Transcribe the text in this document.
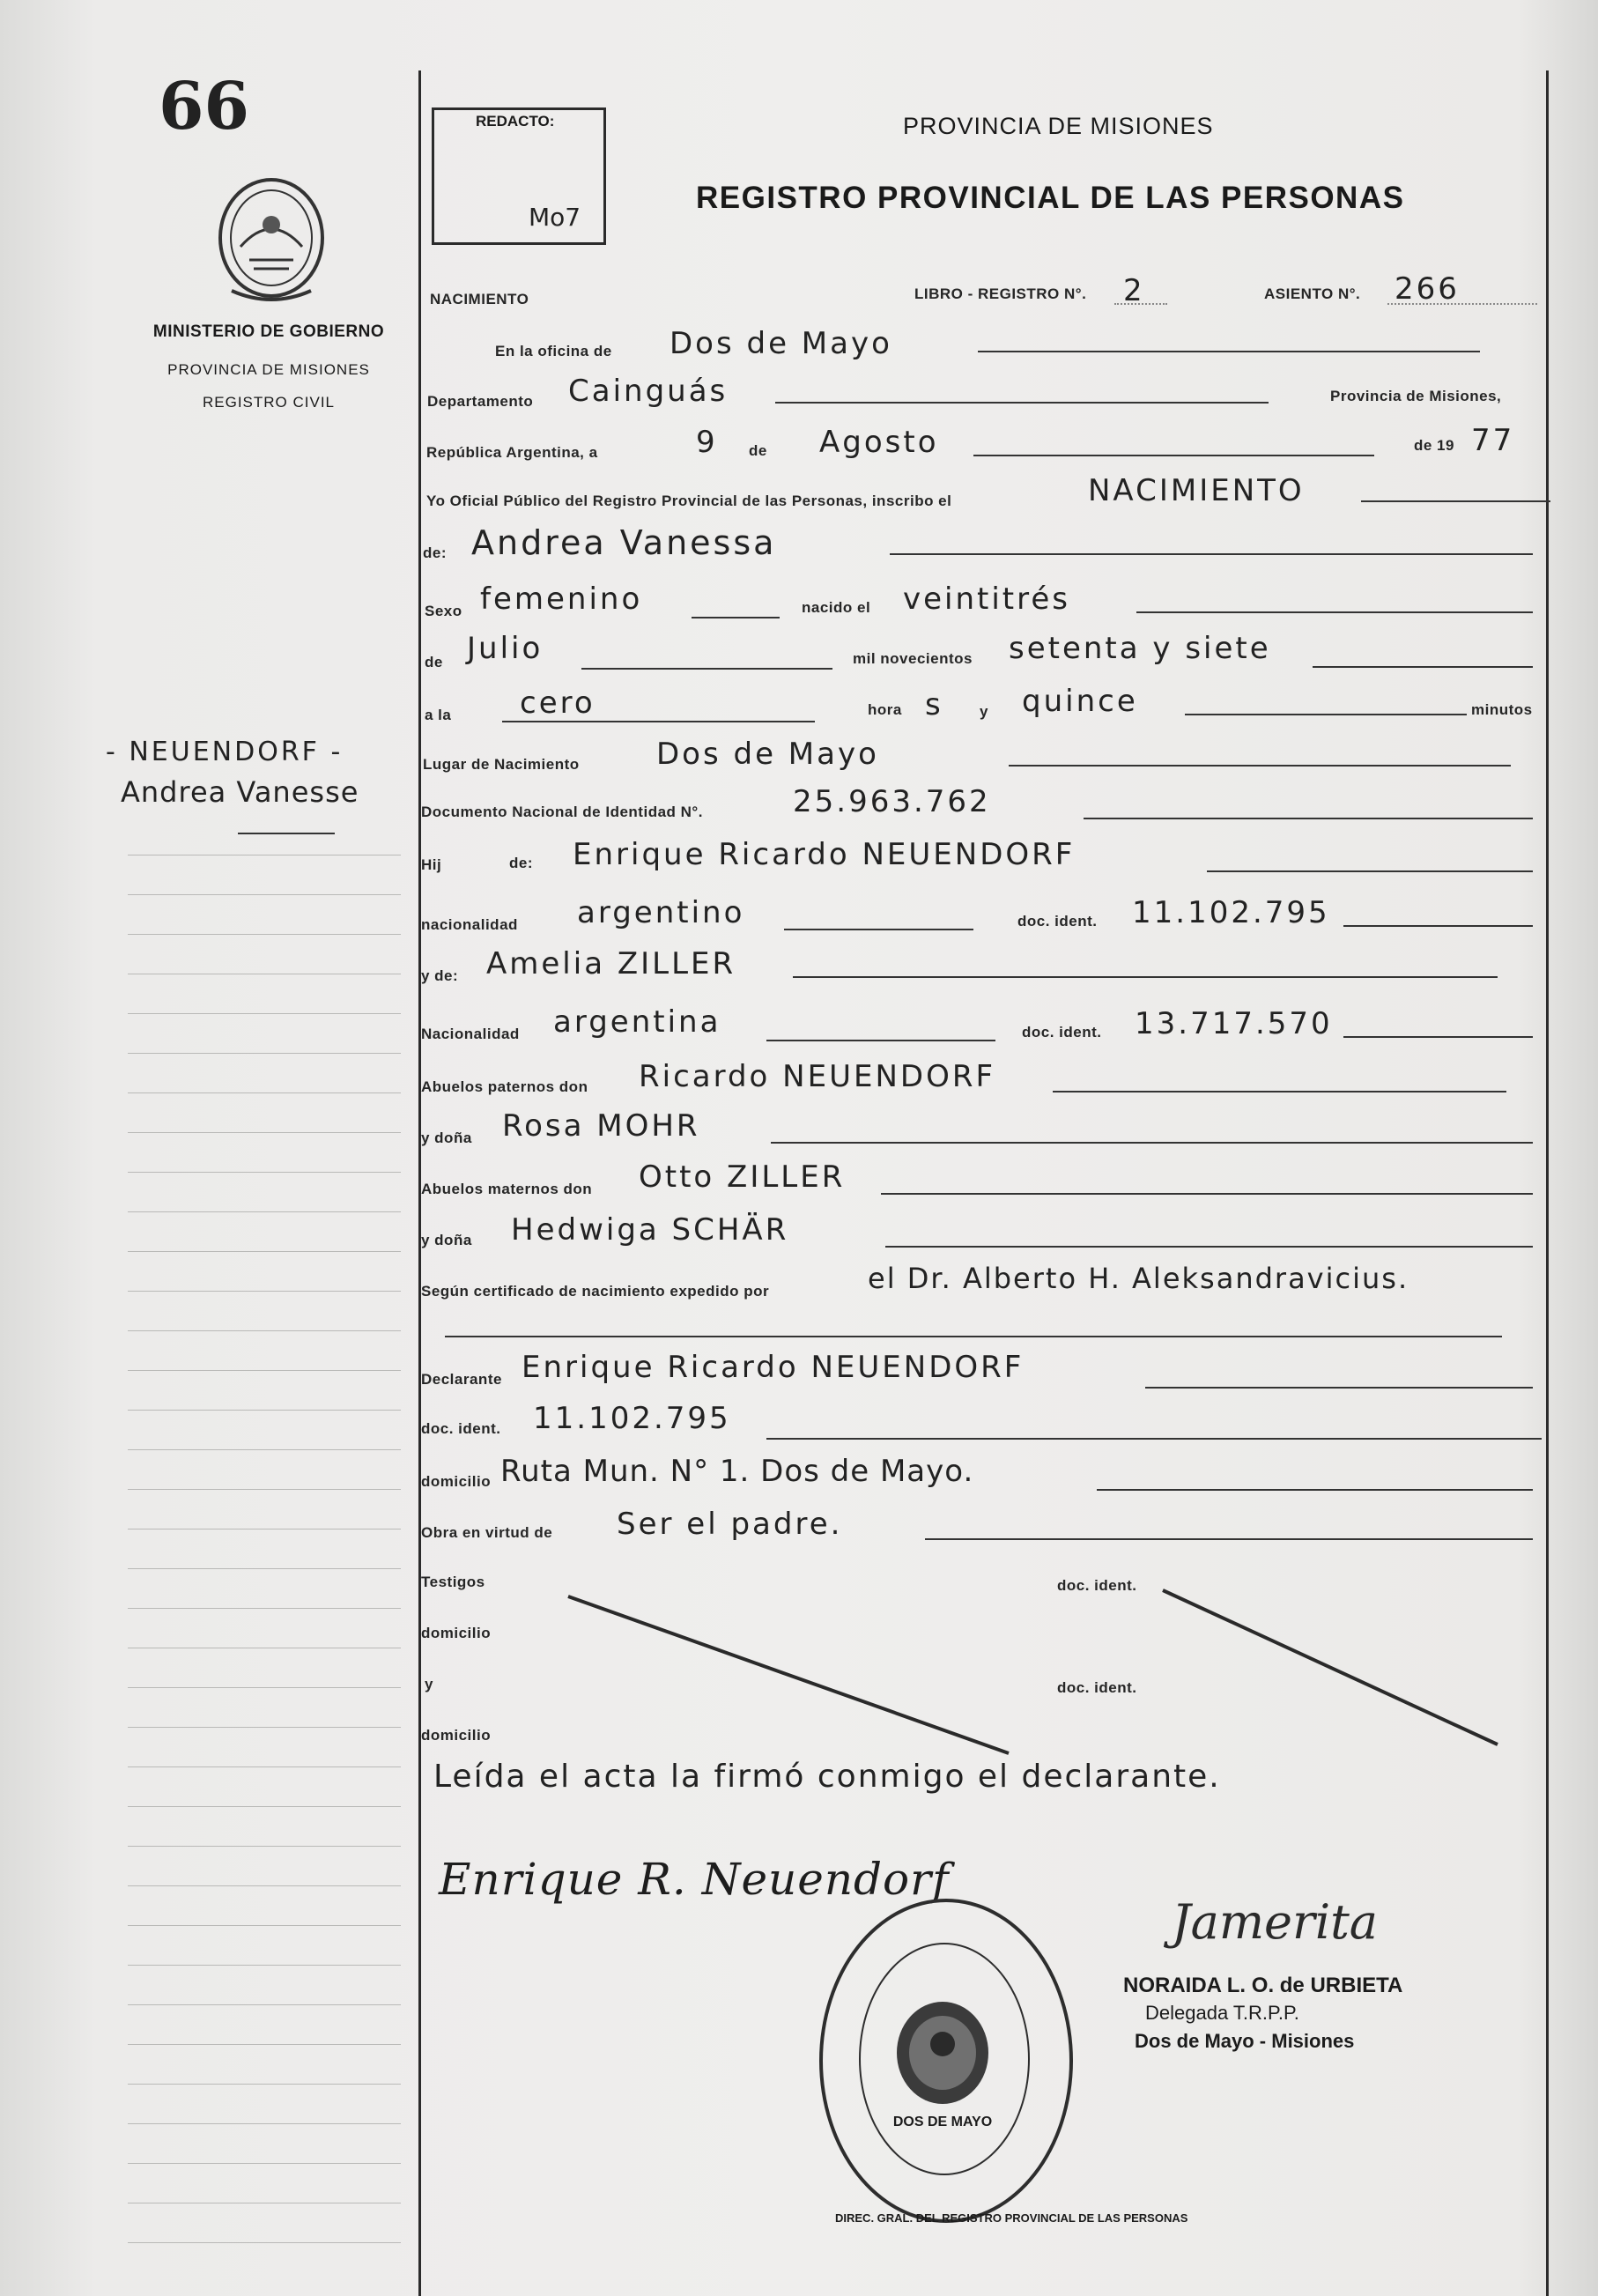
66
MINISTERIO DE GOBIERNO
PROVINCIA DE MISIONES
REGISTRO CIVIL
- NEUENDORF -
Andrea Vanesse
REDACTO:
Mo7
PROVINCIA DE MISIONES
REGISTRO PROVINCIAL DE LAS PERSONAS
NACIMIENTO	LIBRO - REGISTRO N°. 2	ASIENTO N°. 266
En la oficina de Dos de Mayo
Departamento Cainguás	Provincia de Misiones,
República Argentina, a	9 de Agosto	de 19 77
Yo Oficial Público del Registro Provincial de las Personas, inscribo el	NACIMIENTO
de: Andrea Vanessa
Sexo femenino	nacido el veintitrés
de Julio	mil novecientos setenta y siete
a la cero	hora s y quince	minutos
Lugar de Nacimiento	Dos de Mayo
Documento Nacional de Identidad N°.	25.963.762
Hij	de: Enrique Ricardo NEUENDORF
nacionalidad argentino	doc. ident. 11.102.795
y de: Amelia ZILLER
Nacionalidad argentina	doc. ident. 13.717.570
Abuelos paternos don Ricardo NEUENDORF
y doña Rosa MOHR
Abuelos maternos don Otto ZILLER
y doña Hedwiga SCHÄR
Según certificado de nacimiento expedido por	el Dr. Alberto H. Aleksandravicius.
Declarante Enrique Ricardo NEUENDORF
doc. ident. 11.102.795
domicilio Ruta Mun. N° 1. Dos de Mayo.
Obra en virtud de Ser el padre.
Testigos	doc. ident.
domicilio
y	doc. ident.
domicilio
Leída el acta la firmó conmigo el declarante.
Enrique R. Neuendorf
Jamerita
NORAIDA L. O. de URBIETA
Delegada T.R.P.P.
Dos de Mayo - Misiones
DIREC. GRAL. DEL REGISTRO PROVINCIAL DE LAS PERSONAS
DOS DE MAYO
